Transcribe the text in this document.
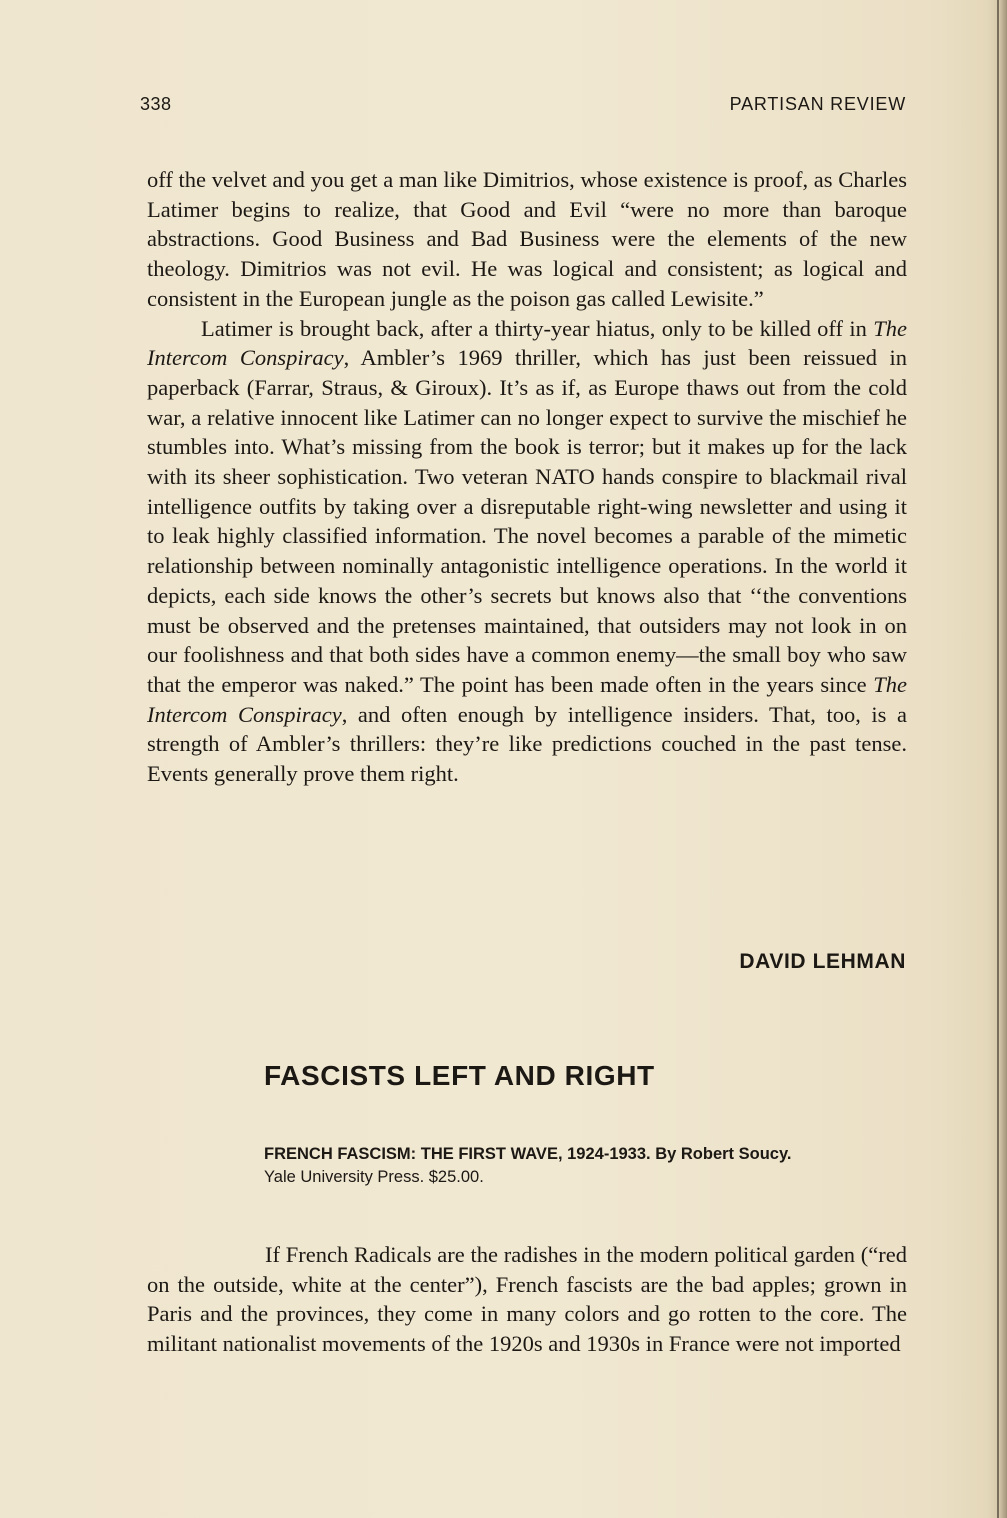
338	PARTISAN REVIEW

off the velvet and you get a man like Dimitrios, whose existence is proof, as Charles Latimer begins to realize, that Good and Evil “were no more than baroque abstractions. Good Business and Bad Business were the elements of the new theology. Dimitrios was not evil. He was logical and consistent; as logical and consistent in the European jungle as the poison gas called Lewisite.”

Latimer is brought back, after a thirty-year hiatus, only to be killed off in The Intercom Conspiracy, Ambler’s 1969 thriller, which has just been reissued in paperback (Farrar, Straus, & Giroux). It’s as if, as Europe thaws out from the cold war, a relative innocent like Latimer can no longer expect to survive the mischief he stumbles into. What’s missing from the book is terror; but it makes up for the lack with its sheer sophistication. Two veteran NATO hands conspire to blackmail rival intelligence outfits by taking over a disreputable right-wing newsletter and using it to leak highly classified information. The novel becomes a parable of the mimetic relationship between nominally antagonistic intelligence operations. In the world it depicts, each side knows the other’s secrets but knows also that ‘‘the conventions must be observed and the pretenses maintained, that outsiders may not look in on our foolishness and that both sides have a common enemy—the small boy who saw that the emperor was naked.” The point has been made often in the years since The Intercom Conspiracy, and often enough by intelligence insiders. That, too, is a strength of Ambler’s thrillers: they’re like predictions couched in the past tense. Events generally prove them right.

DAVID LEHMAN
FASCISTS LEFT AND RIGHT
FRENCH FASCISM: THE FIRST WAVE, 1924-1933. By Robert Soucy.
Yale University Press. $25.00.

If French Radicals are the radishes in the modern political garden (“red on the outside, white at the center”), French fascists are the bad apples; grown in Paris and the provinces, they come in many colors and go rotten to the core. The militant nationalist movements of the 1920s and 1930s in France were not imported
